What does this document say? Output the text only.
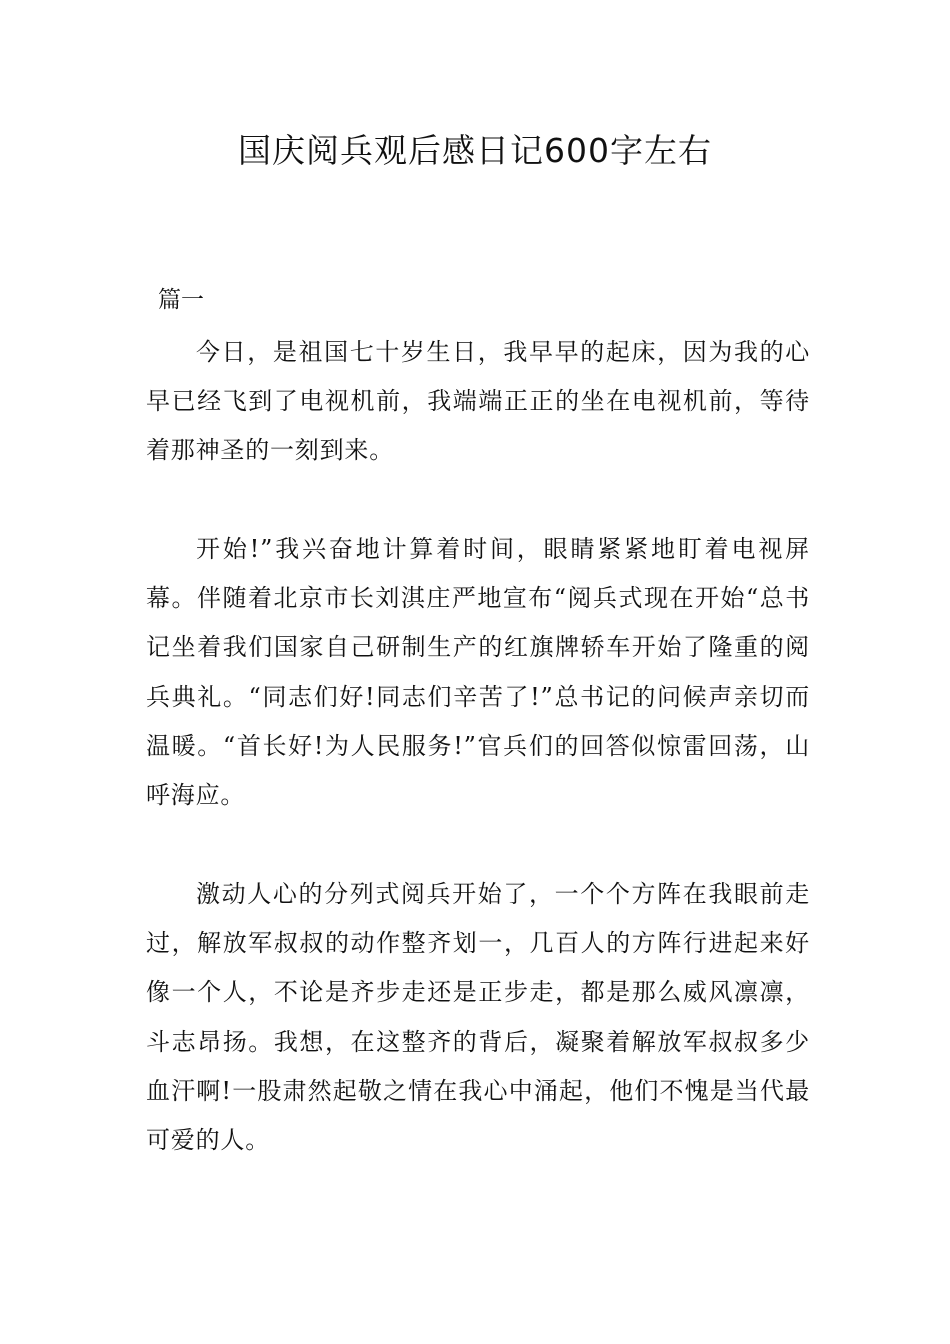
国庆阅兵观后感日记600字左右
篇一

今日，是祖国七十岁生日，我早早的起床，因为我的心早已经飞到了电视机前，我端端正正的坐在电视机前，等待着那神圣的一刻到来。

开始!”我兴奋地计算着时间，眼睛紧紧地盯着电视屏幕。伴随着北京市长刘淇庄严地宣布“阅兵式现在开始“总书记坐着我们国家自己研制生产的红旗牌轿车开始了隆重的阅兵典礼。“同志们好!同志们辛苦了!”总书记的问候声亲切而温暖。“首长好!为人民服务!”官兵们的回答似惊雷回荡，山呼海应。

激动人心的分列式阅兵开始了，一个个方阵在我眼前走过，解放军叔叔的动作整齐划一，几百人的方阵行进起来好像一个人，不论是齐步走还是正步走，都是那么威风凛凛，斗志昂扬。我想，在这整齐的背后，凝聚着解放军叔叔多少血汗啊!一股肃然起敬之情在我心中涌起，他们不愧是当代最可爱的人。
